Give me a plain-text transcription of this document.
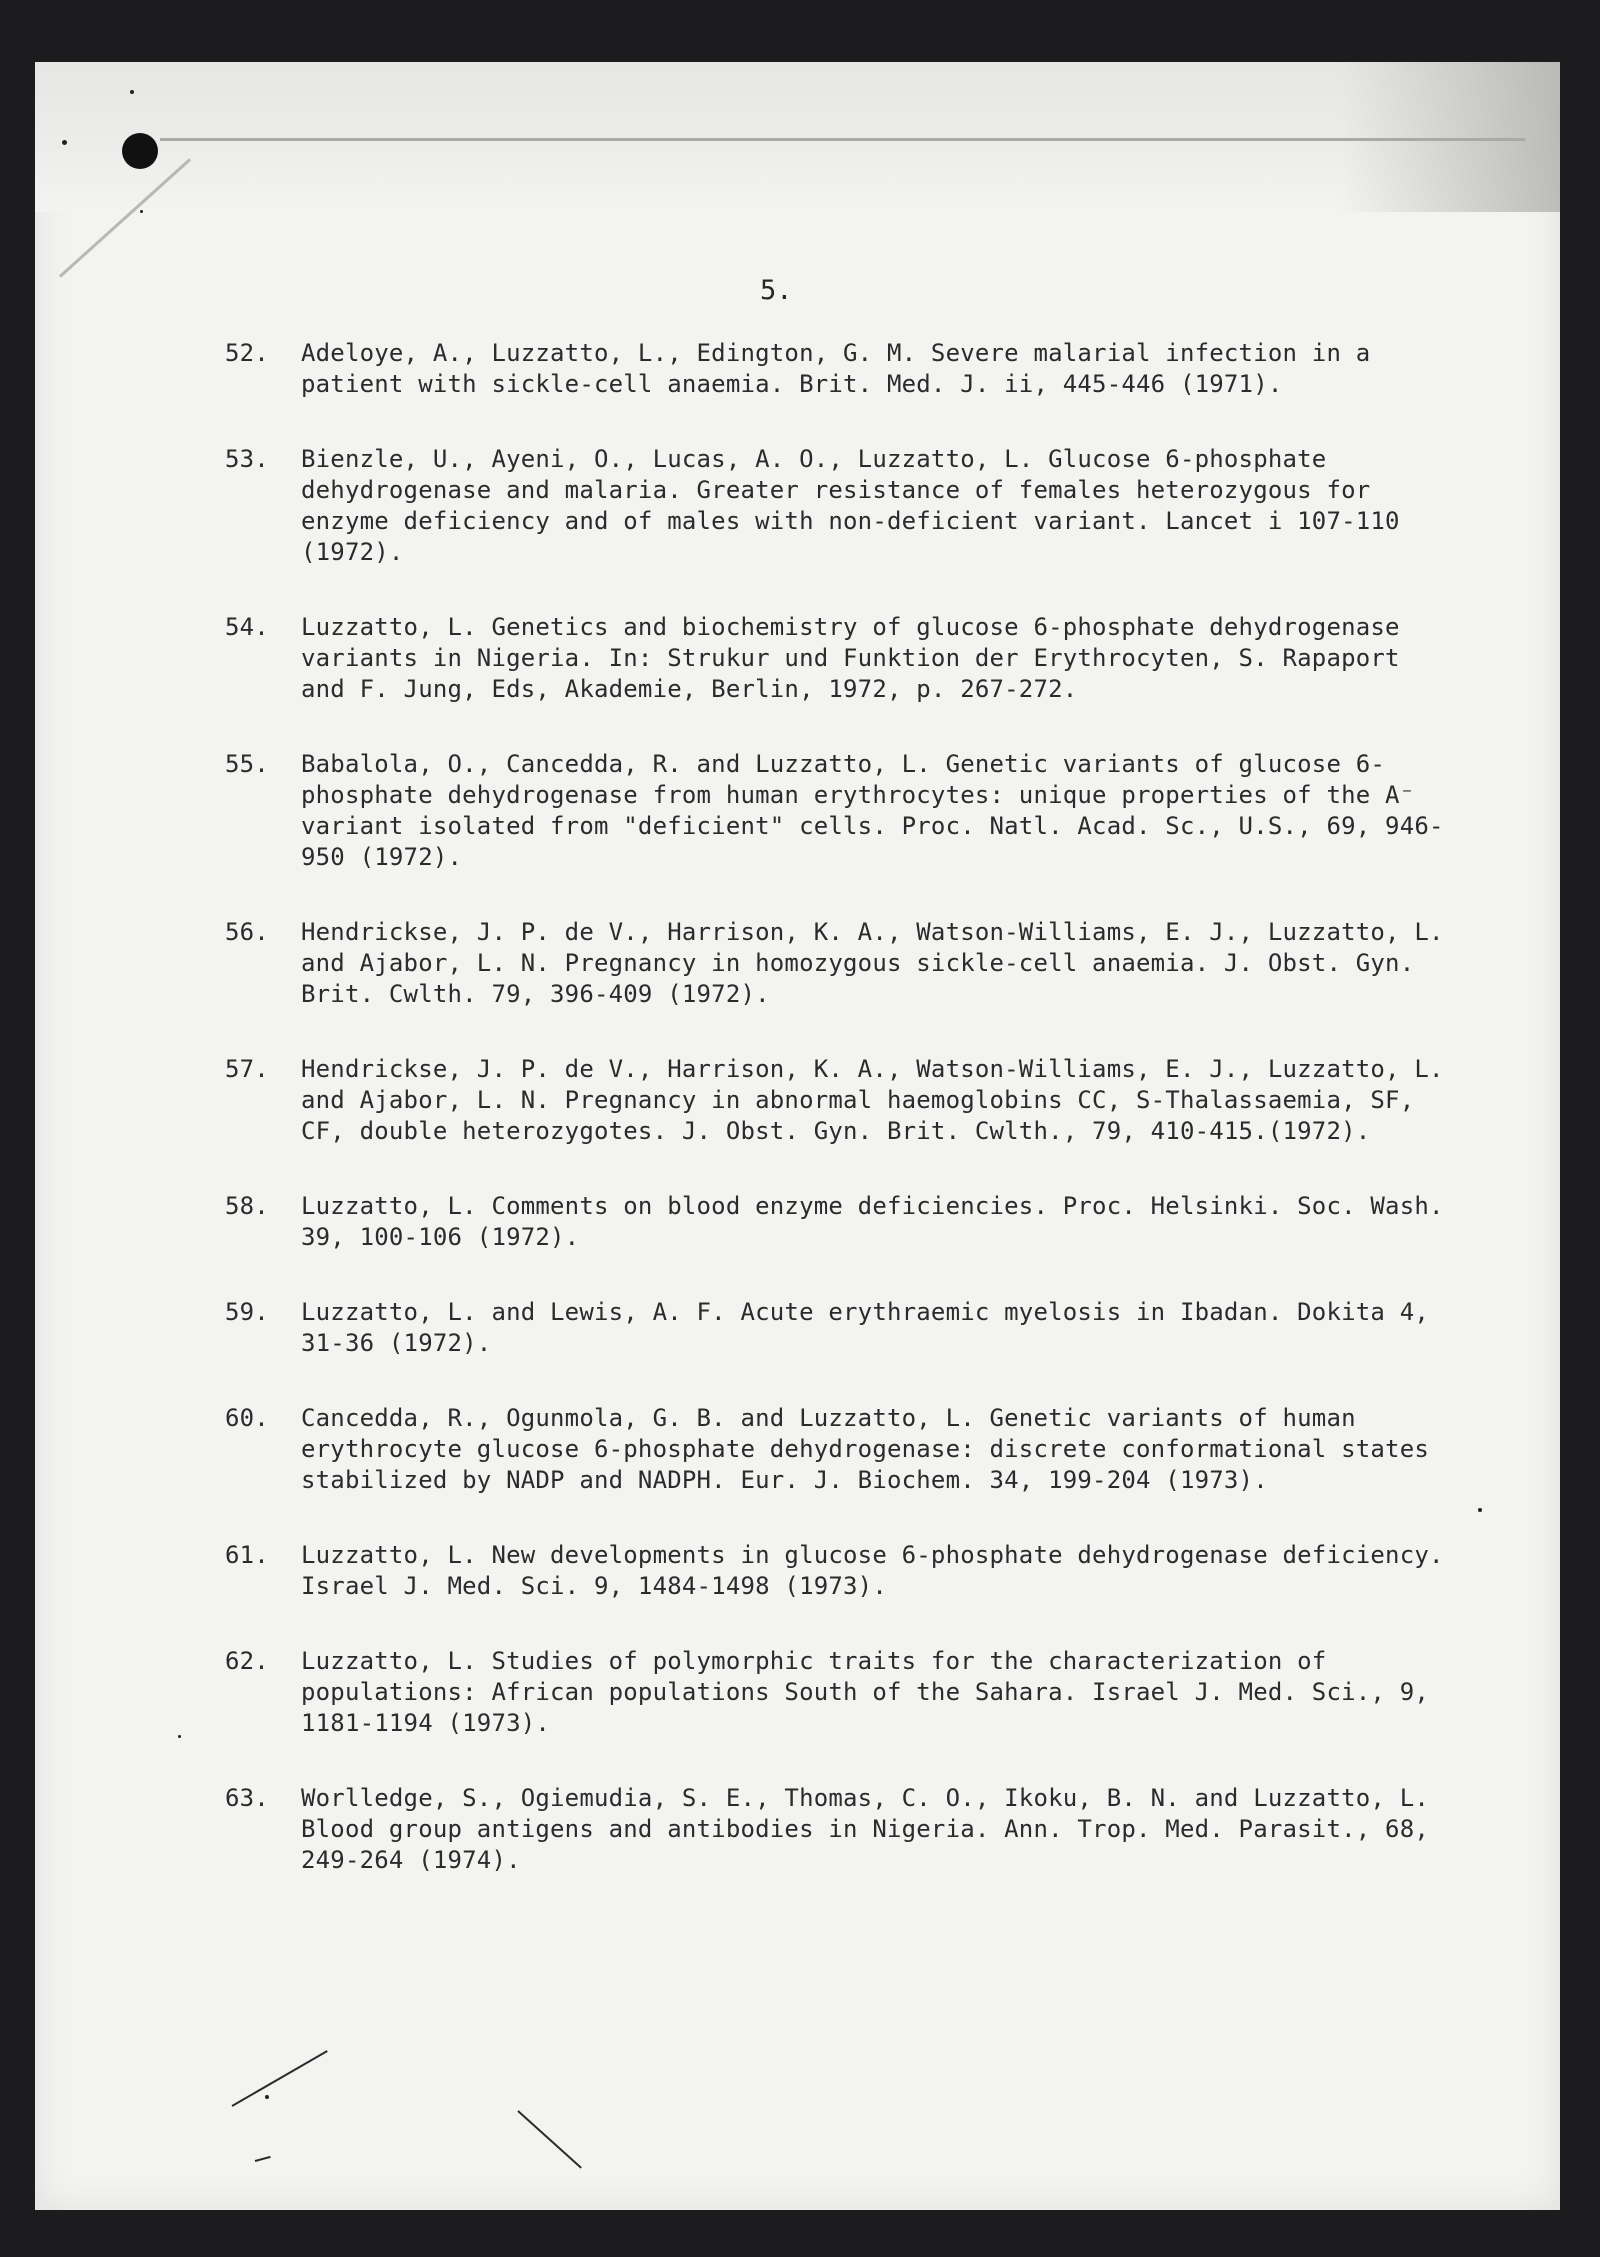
5.
52. Adeloye, A., Luzzatto, L., Edington, G. M. Severe malarial infection in a patient with sickle-cell anaemia. Brit. Med. J. ii, 445-446 (1971).
53. Bienzle, U., Ayeni, O., Lucas, A. O., Luzzatto, L. Glucose 6-phosphate dehydrogenase and malaria. Greater resistance of females heterozygous for enzyme deficiency and of males with non-deficient variant. Lancet i 107-110 (1972).
54. Luzzatto, L. Genetics and biochemistry of glucose 6-phosphate dehydrogenase variants in Nigeria. In: Strukur und Funktion der Erythrocyten, S. Rapaport and F. Jung, Eds, Akademie, Berlin, 1972, p. 267-272.
55. Babalola, O., Cancedda, R. and Luzzatto, L. Genetic variants of glucose 6-phosphate dehydrogenase from human erythrocytes: unique properties of the A⁻ variant isolated from "deficient" cells. Proc. Natl. Acad. Sc., U.S., 69, 946-950 (1972).
56. Hendrickse, J. P. de V., Harrison, K. A., Watson-Williams, E. J., Luzzatto, L. and Ajabor, L. N. Pregnancy in homozygous sickle-cell anaemia. J. Obst. Gyn. Brit. Cwlth. 79, 396-409 (1972).
57. Hendrickse, J. P. de V., Harrison, K. A., Watson-Williams, E. J., Luzzatto, L. and Ajabor, L. N. Pregnancy in abnormal haemoglobins CC, S-Thalassaemia, SF, CF, double heterozygotes. J. Obst. Gyn. Brit. Cwlth., 79, 410-415.(1972).
58. Luzzatto, L. Comments on blood enzyme deficiencies. Proc. Helsinki. Soc. Wash. 39, 100-106 (1972).
59. Luzzatto, L. and Lewis, A. F. Acute erythraemic myelosis in Ibadan. Dokita 4, 31-36 (1972).
60. Cancedda, R., Ogunmola, G. B. and Luzzatto, L. Genetic variants of human erythrocyte glucose 6-phosphate dehydrogenase: discrete conformational states stabilized by NADP and NADPH. Eur. J. Biochem. 34, 199-204 (1973).
61. Luzzatto, L. New developments in glucose 6-phosphate dehydrogenase deficiency. Israel J. Med. Sci. 9, 1484-1498 (1973).
62. Luzzatto, L. Studies of polymorphic traits for the characterization of populations: African populations South of the Sahara. Israel J. Med. Sci., 9, 1181-1194 (1973).
63. Worlledge, S., Ogiemudia, S. E., Thomas, C. O., Ikoku, B. N. and Luzzatto, L. Blood group antigens and antibodies in Nigeria. Ann. Trop. Med. Parasit., 68, 249-264 (1974).
